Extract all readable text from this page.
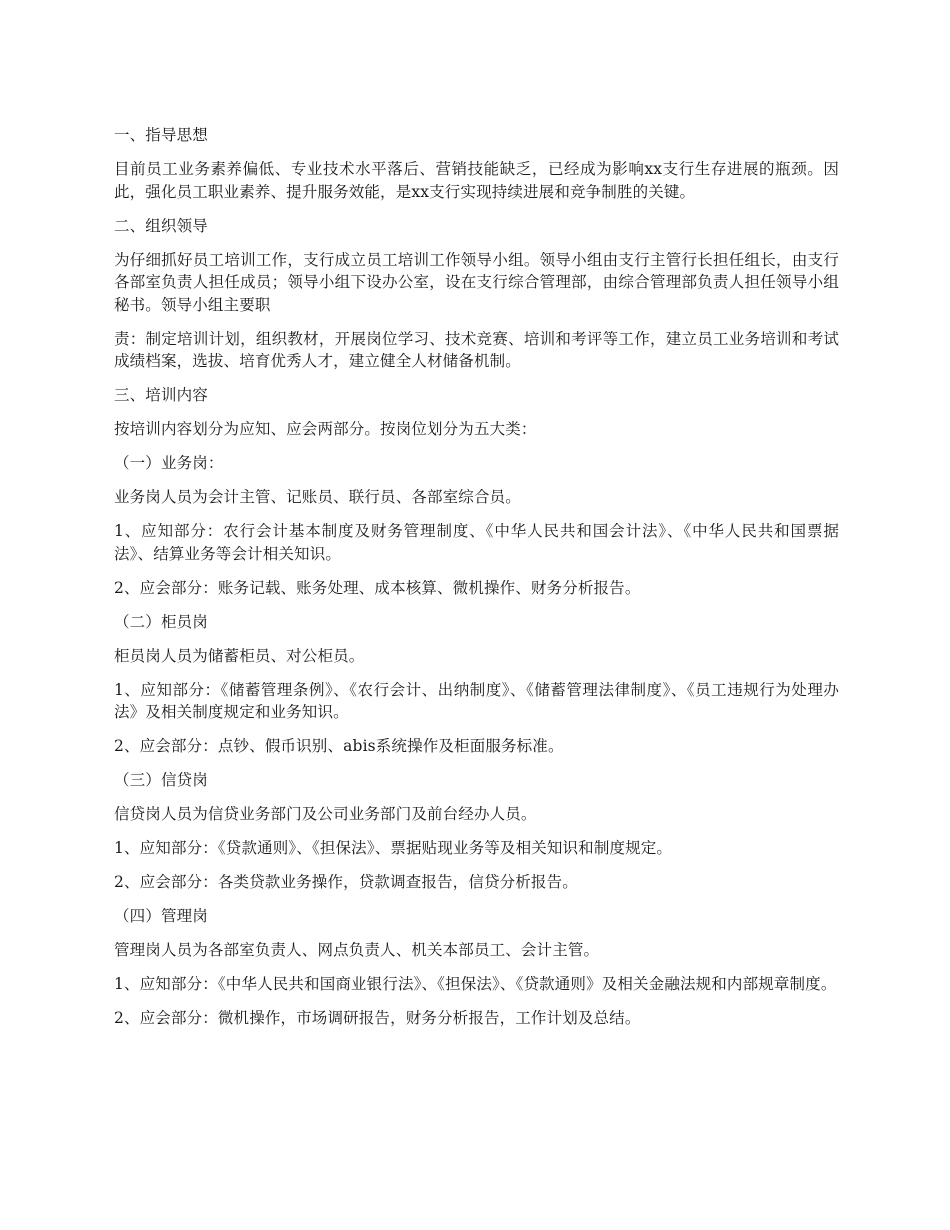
一、指导思想

目前员工业务素养偏低、专业技术水平落后、营销技能缺乏，已经成为影响xx支行生存进展的瓶颈。因此，强化员工职业素养、提升服务效能，是xx支行实现持续进展和竞争制胜的关键。

二、组织领导

为仔细抓好员工培训工作，支行成立员工培训工作领导小组。领导小组由支行主管行长担任组长，由支行各部室负责人担任成员；领导小组下设办公室，设在支行综合管理部，由综合管理部负责人担任领导小组秘书。领导小组主要职

责：制定培训计划，组织教材，开展岗位学习、技术竞赛、培训和考评等工作，建立员工业务培训和考试成绩档案，选拔、培育优秀人才，建立健全人材储备机制。

三、培训内容

按培训内容划分为应知、应会两部分。按岗位划分为五大类：

（一）业务岗：

业务岗人员为会计主管、记账员、联行员、各部室综合员。

1、应知部分：农行会计基本制度及财务管理制度、《中华人民共和国会计法》、《中华人民共和国票据法》、结算业务等会计相关知识。

2、应会部分：账务记载、账务处理、成本核算、微机操作、财务分析报告。

（二）柜员岗

柜员岗人员为储蓄柜员、对公柜员。

1、应知部分：《储蓄管理条例》、《农行会计、出纳制度》、《储蓄管理法律制度》、《员工违规行为处理办法》及相关制度规定和业务知识。

2、应会部分：点钞、假币识别、abis系统操作及柜面服务标准。

（三）信贷岗

信贷岗人员为信贷业务部门及公司业务部门及前台经办人员。

1、应知部分：《贷款通则》、《担保法》、票据贴现业务等及相关知识和制度规定。

2、应会部分：各类贷款业务操作，贷款调查报告，信贷分析报告。

（四）管理岗

管理岗人员为各部室负责人、网点负责人、机关本部员工、会计主管。

1、应知部分：《中华人民共和国商业银行法》、《担保法》、《贷款通则》及相关金融法规和内部规章制度。

2、应会部分：微机操作，市场调研报告，财务分析报告，工作计划及总结。
